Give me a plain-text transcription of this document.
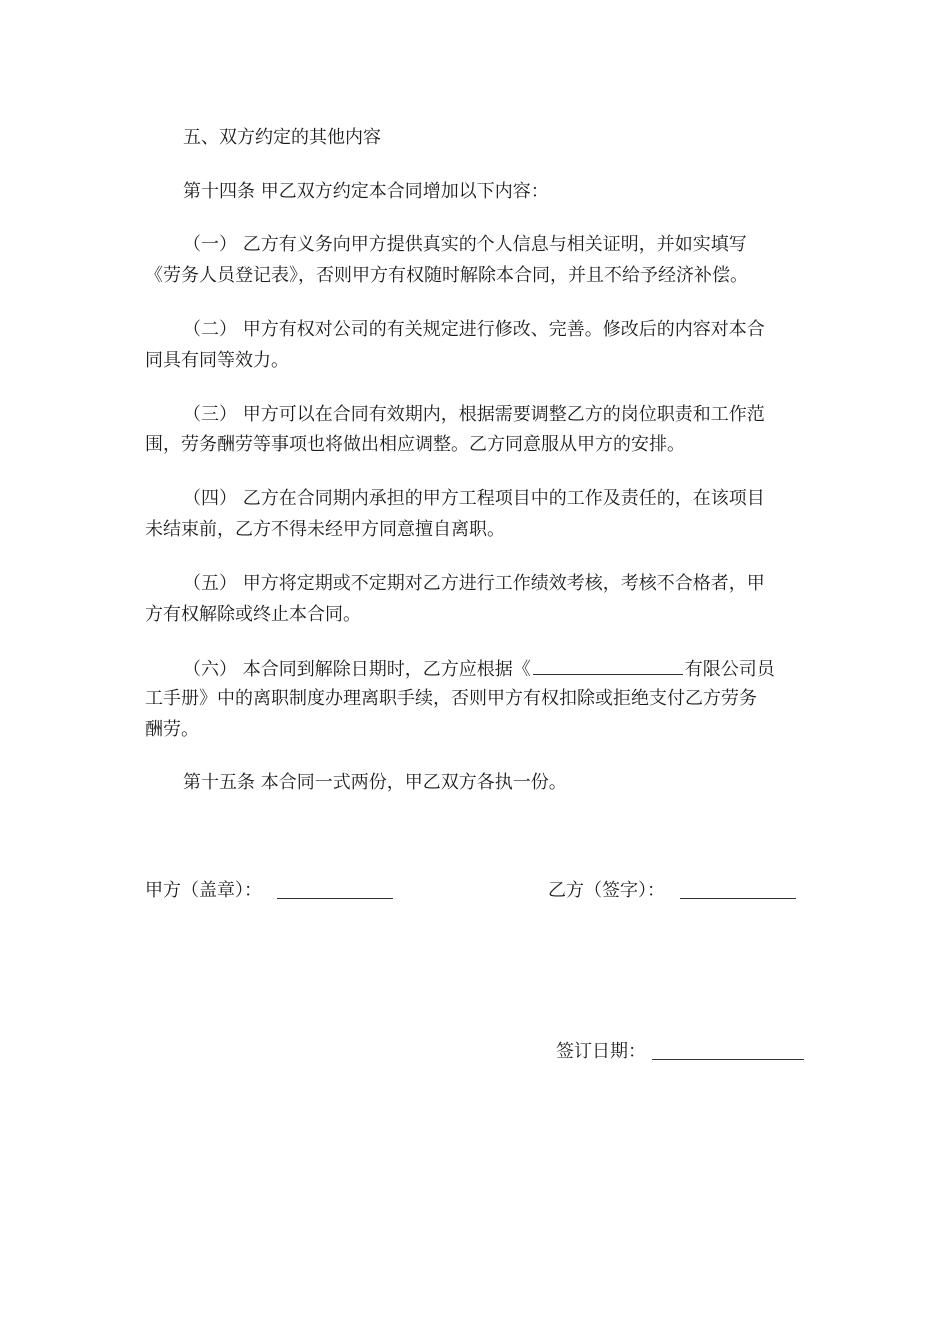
五、双方约定的其他内容
第十四条 甲乙双方约定本合同增加以下内容：
（一） 乙方有义务向甲方提供真实的个人信息与相关证明，并如实填写
《劳务人员登记表》，否则甲方有权随时解除本合同，并且不给予经济补偿。
（二） 甲方有权对公司的有关规定进行修改、完善。修改后的内容对本合
同具有同等效力。
（三） 甲方可以在合同有效期内，根据需要调整乙方的岗位职责和工作范
围，劳务酬劳等事项也将做出相应调整。乙方同意服从甲方的安排。
（四） 乙方在合同期内承担的甲方工程项目中的工作及责任的，在该项目
未结束前，乙方不得未经甲方同意擅自离职。
（五） 甲方将定期或不定期对乙方进行工作绩效考核，考核不合格者，甲
方有权解除或终止本合同。
（六） 本合同到解除日期时，乙方应根据《	有限公司员
工手册》中的离职制度办理离职手续，否则甲方有权扣除或拒绝支付乙方劳务
酬劳。
第十五条 本合同一式两份，甲乙双方各执一份。
甲方（盖章）：	乙方（签字）：
签订日期：
